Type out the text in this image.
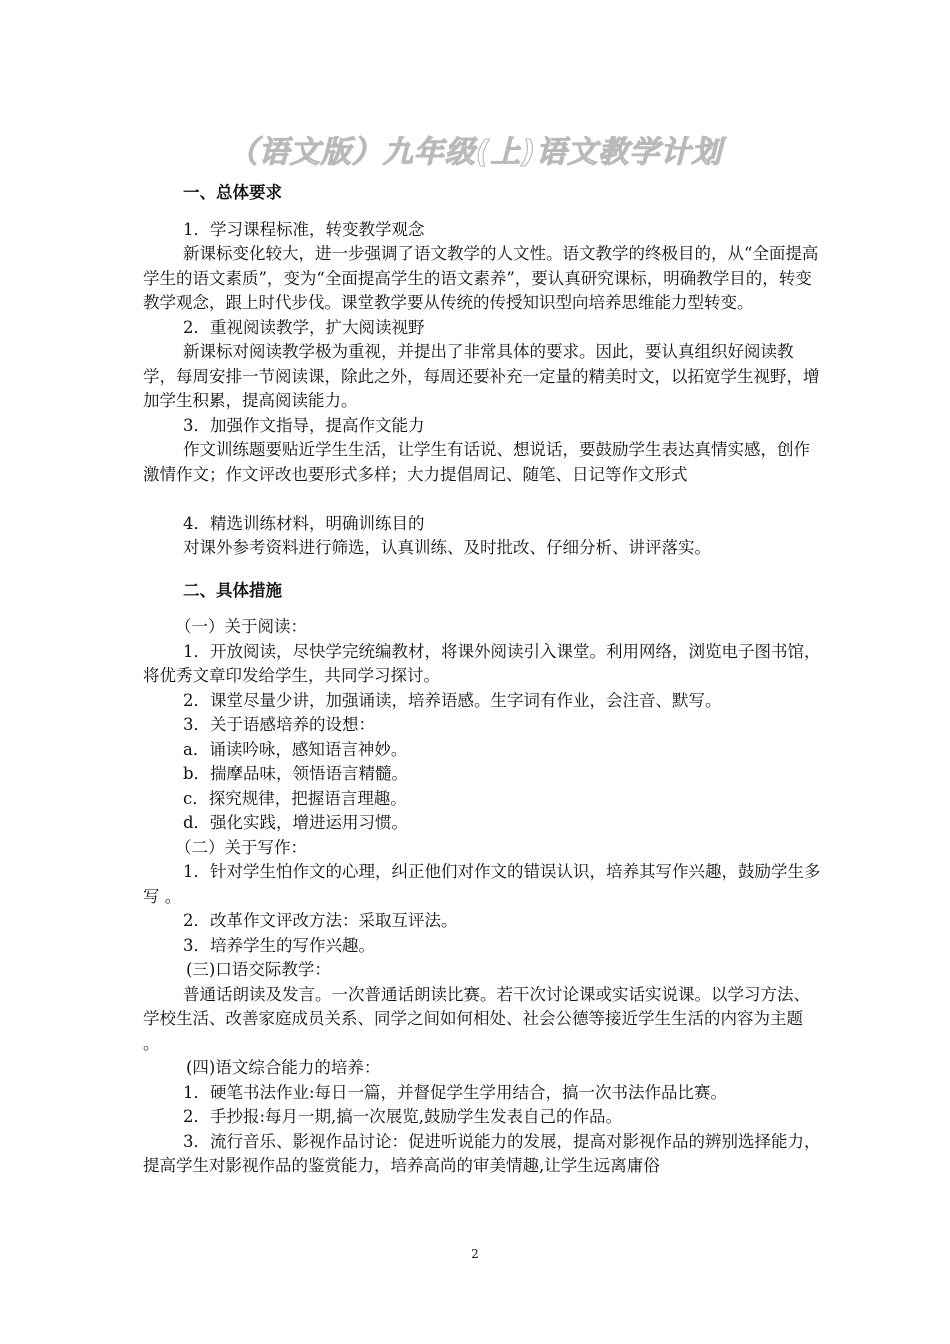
（语文版）九年级(上)语文教学计划
一、总体要求

1．学习课程标准，转变教学观念

新课标变化较大，进一步强调了语文教学的人文性。语文教学的终极目的，从“全面提高学生的语文素质”，变为“全面提高学生的语文素养”，要认真研究课标，明确教学目的，转变教学观念，跟上时代步伐。课堂教学要从传统的传授知识型向培养思维能力型转变。

2．重视阅读教学，扩大阅读视野

新课标对阅读教学极为重视，并提出了非常具体的要求。因此，要认真组织好阅读教学，每周安排一节阅读课，除此之外，每周还要补充一定量的精美时文，以拓宽学生视野，增加学生积累，提高阅读能力。

3．加强作文指导，提高作文能力

作文训练题要贴近学生生活，让学生有话说、想说话，要鼓励学生表达真情实感，创作激情作文；作文评改也要形式多样；大力提倡周记、随笔、日记等作文形式

4．精选训练材料，明确训练目的

对课外参考资料进行筛选，认真训练、及时批改、仔细分析、讲评落实。

二、具体措施

（一）关于阅读：

1．开放阅读，尽快学完统编教材，将课外阅读引入课堂。利用网络，浏览电子图书馆，将优秀文章印发给学生，共同学习探讨。

2．课堂尽量少讲，加强诵读，培养语感。生字词有作业，会注音、默写。

3．关于语感培养的设想：

a．诵读吟咏，感知语言神妙。

b．揣摩品味，领悟语言精髓。

c．探究规律，把握语言理趣。

d．强化实践，增进运用习惯。

（二）关于写作：

1．针对学生怕作文的心理，纠正他们对作文的错误认识，培养其写作兴趣，鼓励学生多写 。

2．改革作文评改方法：采取互评法。

3．培养学生的写作兴趣。

(三)口语交际教学：

普通话朗读及发言。一次普通话朗读比赛。若干次讨论课或实话实说课。以学习方法、学校生活、改善家庭成员关系、同学之间如何相处、社会公德等接近学生生活的内容为主题 。

(四)语文综合能力的培养：

1．硬笔书法作业:每日一篇，并督促学生学用结合，搞一次书法作品比赛。

2．手抄报:每月一期,搞一次展览,鼓励学生发表自己的作品。

3．流行音乐、影视作品讨论：促进听说能力的发展，提高对影视作品的辨别选择能力，提高学生对影视作品的鉴赏能力，培养高尚的审美情趣,让学生远离庸俗

2
